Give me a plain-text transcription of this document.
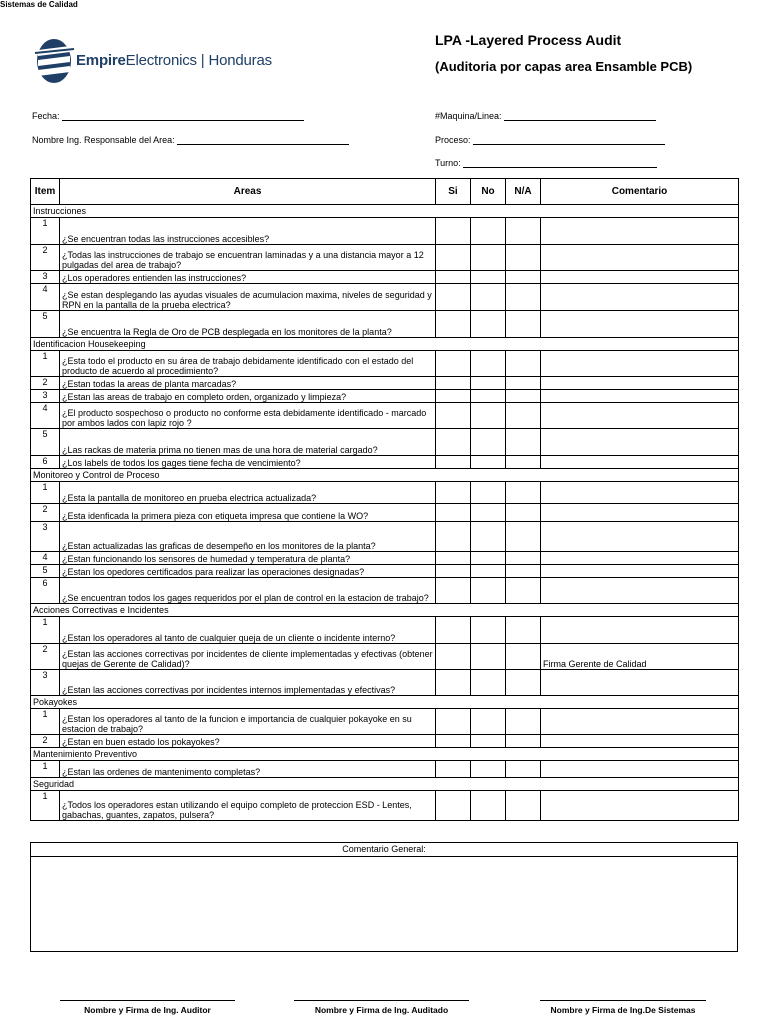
Sistemas de Calidad
EmpireElectronics | Honduras
LPA -Layered Process Audit
(Auditoria por capas area Ensamble PCB)
Fecha:	#Maquina/Linea:
Nombre Ing. Responsable del Area:	Proceso:
Turno:
Item	Areas	Si	No	N/A	Comentario
Instrucciones					
1	¿Se encuentran todas las instrucciones accesibles?				
2	¿Todas las instrucciones de trabajo se encuentran laminadas y a una distancia mayor a 12 pulgadas del area de trabajo?				
3	¿Los operadores entienden las instrucciones?				
4	¿Se estan desplegando las ayudas visuales de acumulacion maxima, niveles de seguridad y RPN en la pantalla de la prueba electrica?				
5	¿Se encuentra la Regla de Oro de PCB desplegada en los monitores de la planta?				
Identificacion Housekeeping					
1	¿Esta todo el producto en su área de trabajo debidamente identificado con el estado del producto de acuerdo al procedimiento?				
2	¿Estan todas la areas de planta marcadas?				
3	¿Estan las areas de trabajo en completo orden, organizado y limpieza?				
4	¿El producto sospechoso o producto no conforme esta debidamente identificado - marcado por ambos lados con lapiz rojo ?				
5	¿Las rackas de materia prima no tienen mas de una hora de material cargado?				
6	¿Los labels de todos los gages tiene fecha de vencimiento?				
Monitoreo y Control de Proceso					
1	¿Esta la pantalla de monitoreo en prueba electrica actualizada?				
2	¿Esta idenficada la primera pieza con etiqueta impresa que contiene la WO?				
3	¿Estan actualizadas las graficas de desempeño en los monitores de la planta?				
4	¿Estan funcionando los sensores de humedad y temperatura de planta?				
5	¿Estan los opedores certificados para realizar las operaciones designadas?				
6	¿Se encuentran todos los gages requeridos por el plan de control en la estacion de trabajo?				
Acciones Correctivas e Incidentes					
1	¿Estan los operadores al tanto de cualquier queja de un cliente o incidente interno?				
2	¿Estan las acciones correctivas por incidentes de cliente implementadas y efectivas (obtener quejas de Gerente de Calidad)?				Firma Gerente de Calidad
3	¿Estan las acciones correctivas por incidentes internos implementadas y efectivas?				
Pokayokes					
1	¿Estan los operadores al tanto de la funcion e importancia de cualquier pokayoke en su estacion de trabajo?				
2	¿Estan en buen estado los pokayokes?				
Mantenimiento Preventivo					
1	¿Estan las ordenes de mantenimento completas?				
Seguridad					
1	¿Todos los operadores estan utilizando el equipo completo de proteccion ESD - Lentes, gabachas, guantes, zapatos, pulsera?				
Comentario General:
Nombre y Firma de Ing. Auditor	Nombre y Firma de Ing. Auditado	Nombre y Firma de Ing.De Sistemas
